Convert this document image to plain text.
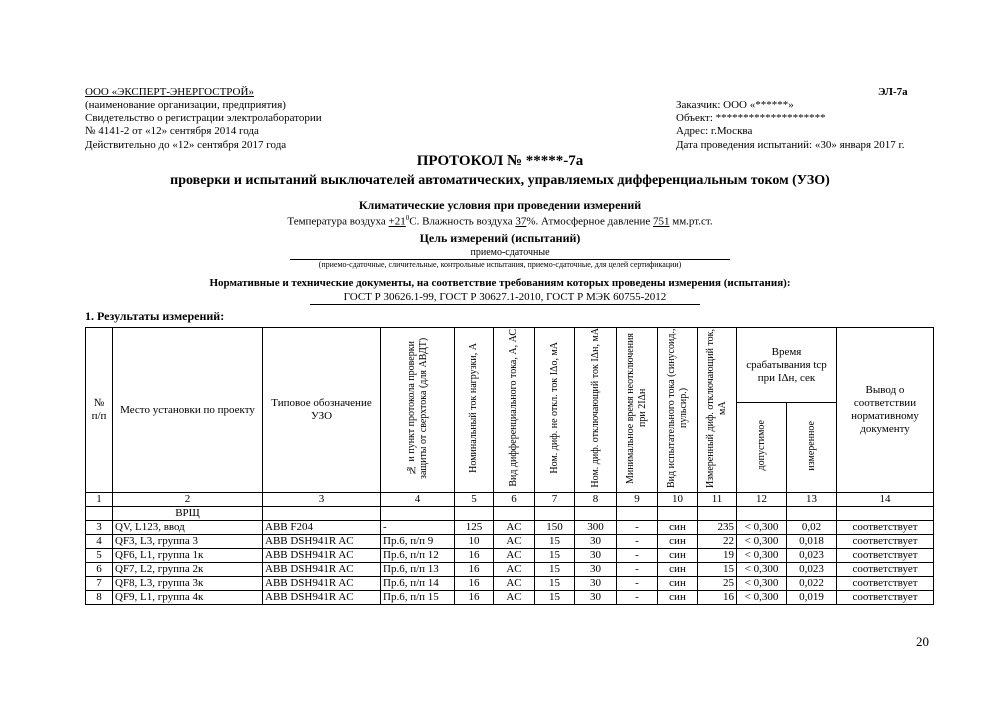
ООО «ЭКСПЕРТ-ЭНЕРГОСТРОЙ»
(наименование организации, предприятия)
Свидетельство о регистрации электролаборатории
№ 4141-2 от «12» сентября 2014 года
Действительно до «12» сентября 2017 года
ЭЛ-7а
Заказчик: ООО «******»
Объект: ********************
Адрес: г.Москва
Дата проведения испытаний: «30» января 2017 г.
ПРОТОКОЛ № *****-7а
проверки и испытаний выключателей автоматических, управляемых дифференциальным током (УЗО)
Климатические условия при проведении измерений
Температура воздуха $+21^0С$. Влажность воздуха 37%. Атмосферное давление 751 мм.рт.ст.
Цель измерений (испытаний)
приемо-сдаточные
(приемо-сдаточные, сличительные, контрольные испытания, приемо-сдаточные, для целей сертификации)
Нормативные и технические документы, на соответствие требованиям которых проведены измерения (испытания):
ГОСТ Р 30626.1-99, ГОСТ Р 30627.1-2010, ГОСТ Р МЭК 60755-2012
1. Результаты измерений:
№ п/п	Место установки по проекту	Типовое обозначение УЗО	№ и пункт протокола проверки защиты от сверхтока (для АВДТ)	Номинальный ток нагрузки, А	Вид дифференциального тока, А, АС	Ном. диф. не откл. ток IΔо, мА	Ном. диф. отключающий ток IΔн, мА	Минимальное время неотключения при 2IΔн	Вид испытательного тока (синусоид., пульсир.)	Измеренный диф. отключающий ток, мА	Время срабатывания tср при IΔн, сек		Вывод о соответствии нормативному документу
											допустимое	измеренное	
1	2	3	4	5	6	7	8	9	10	11	12	13	14
	ВРЩ												
3	QV, L123, ввод	ABB F204	-	125	AC	150	300	-	син	235	< 0,300	0,02	соответствует
4	QF3, L3, группа 3	ABB DSH941R AC	Пр.6, п/п 9	10	AC	15	30	-	син	22	< 0,300	0,018	соответствует
5	QF6, L1, группа 1к	ABB DSH941R AC	Пр.6, п/п 12	16	AC	15	30	-	син	19	< 0,300	0,023	соответствует
6	QF7, L2, группа 2к	ABB DSH941R AC	Пр.6, п/п 13	16	AC	15	30	-	син	15	< 0,300	0,023	соответствует
7	QF8, L3, группа 3к	ABB DSH941R AC	Пр.6, п/п 14	16	AC	15	30	-	син	25	< 0,300	0,022	соответствует
8	QF9, L1, группа 4к	ABB DSH941R AC	Пр.6, п/п 15	16	AC	15	30	-	син	16	< 0,300	0,019	соответствует
20
